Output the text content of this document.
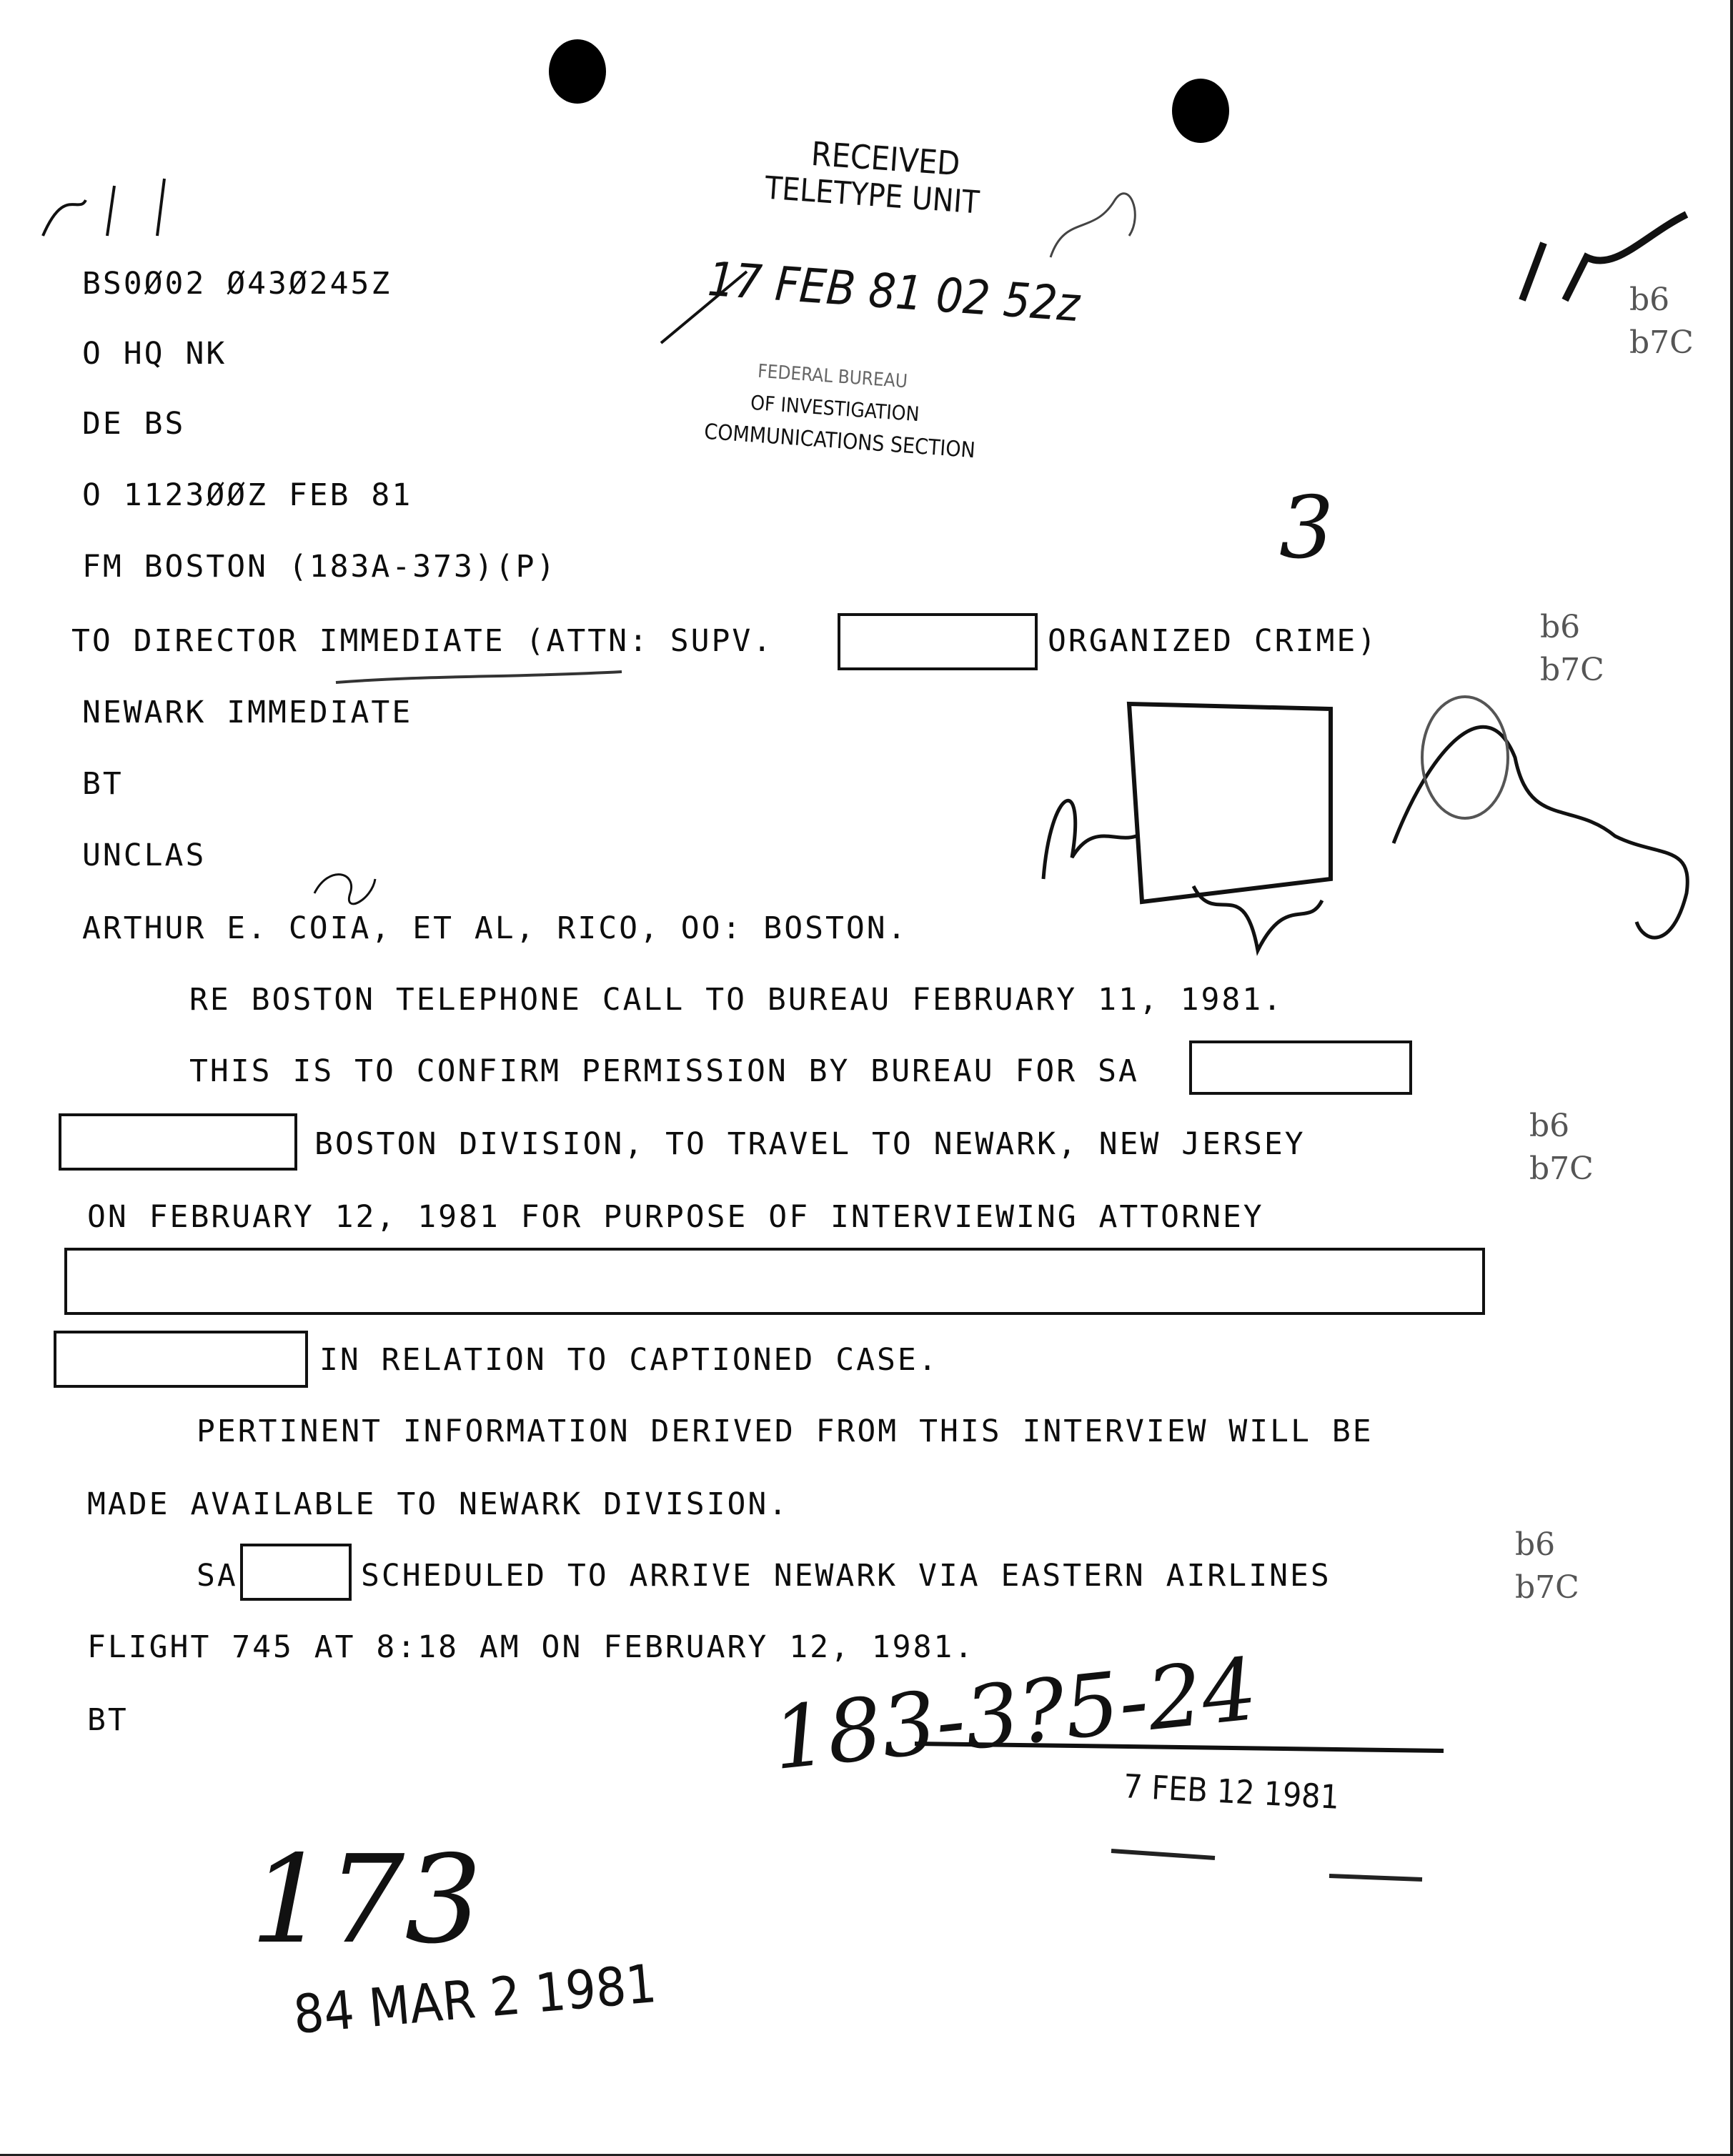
BS0Ø02 Ø43Ø245Z
O HQ NK
DE BS
O 1123ØØZ FEB 81
FM BOSTON (183A-373)(P)
TO DIRECTOR IMMEDIATE (ATTN: SUPV.	ORGANIZED CRIME)
NEWARK IMMEDIATE
BT
UNCLAS
ARTHUR E. COIA, ET AL, RICO, OO: BOSTON.
RE BOSTON TELEPHONE CALL TO BUREAU FEBRUARY 11, 1981.
THIS IS TO CONFIRM PERMISSION BY BUREAU FOR SA
BOSTON DIVISION, TO TRAVEL TO NEWARK, NEW JERSEY
ON FEBRUARY 12, 1981 FOR PURPOSE OF INTERVIEWING ATTORNEY
IN RELATION TO CAPTIONED CASE.
PERTINENT INFORMATION DERIVED FROM THIS INTERVIEW WILL BE
MADE AVAILABLE TO NEWARK DIVISION.
SA	SCHEDULED TO ARRIVE NEWARK VIA EASTERN AIRLINES
FLIGHT 745 AT 8:18 AM ON FEBRUARY 12, 1981.
BT
b6
b7C
b6
b7C
b6
b7C
b6
b7C
RECEIVED
TELETYPE UNIT
17 FEB 81 02 52z
FEDERAL BUREAU
OF INVESTIGATION
COMMUNICATIONS SECTION
7 FEB 12 1981
84 MAR 2 1981
183-3?5-24
3
173
